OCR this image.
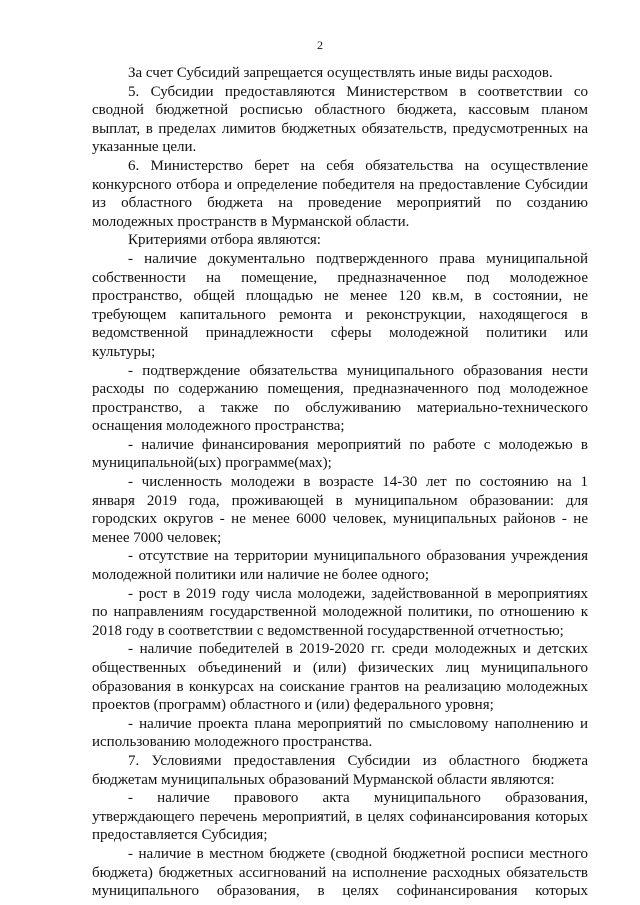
2

За счет Субсидий запрещается осуществлять иные виды расходов.

5. Субсидии предоставляются Министерством в соответствии со

сводной бюджетной росписью областного бюджета, кассовым планом

выплат, в пределах лимитов бюджетных обязательств, предусмотренных на

указанные цели.

6. Министерство берет на себя обязательства на осуществление

конкурсного отбора и определение победителя на предоставление Субсидии

из областного бюджета на проведение мероприятий по созданию

молодежных пространств в Мурманской области.

Критериями отбора являются:

- наличие документально подтвержденного права муниципальной

собственности на помещение, предназначенное под молодежное

пространство, общей площадью не менее 120 кв.м, в состоянии, не

требующем капитального ремонта и реконструкции, находящегося в

ведомственной принадлежности сферы молодежной политики или

культуры;

- подтверждение обязательства муниципального образования нести

расходы по содержанию помещения, предназначенного под молодежное

пространство, а также по обслуживанию материально-технического

оснащения молодежного пространства;

- наличие финансирования мероприятий по работе с молодежью в

муниципальной(ых) программе(мах);

- численность молодежи в возрасте 14-30 лет по состоянию на 1

января 2019 года, проживающей в муниципальном образовании: для

городских округов - не менее 6000 человек, муниципальных районов - не

менее 7000 человек;

- отсутствие на территории муниципального образования учреждения

молодежной политики или наличие не более одного;

- рост в 2019 году числа молодежи, задействованной в мероприятиях

по направлениям государственной молодежной политики, по отношению к

2018 году в соответствии с ведомственной государственной отчетностью;

- наличие победителей в 2019-2020 гг. среди молодежных и детских

общественных объединений и (или) физических лиц муниципального

образования в конкурсах на соискание грантов на реализацию молодежных

проектов (программ) областного и (или) федерального уровня;

- наличие проекта плана мероприятий по смысловому наполнению и

использованию молодежного пространства.

7. Условиями предоставления Субсидии из областного бюджета

бюджетам муниципальных образований Мурманской области являются:

- наличие правового акта муниципального образования,

утверждающего перечень мероприятий, в целях софинансирования которых

предоставляется Субсидия;

- наличие в местном бюджете (сводной бюджетной росписи местного

бюджета) бюджетных ассигнований на исполнение расходных обязательств

муниципального образования, в целях софинансирования которых
